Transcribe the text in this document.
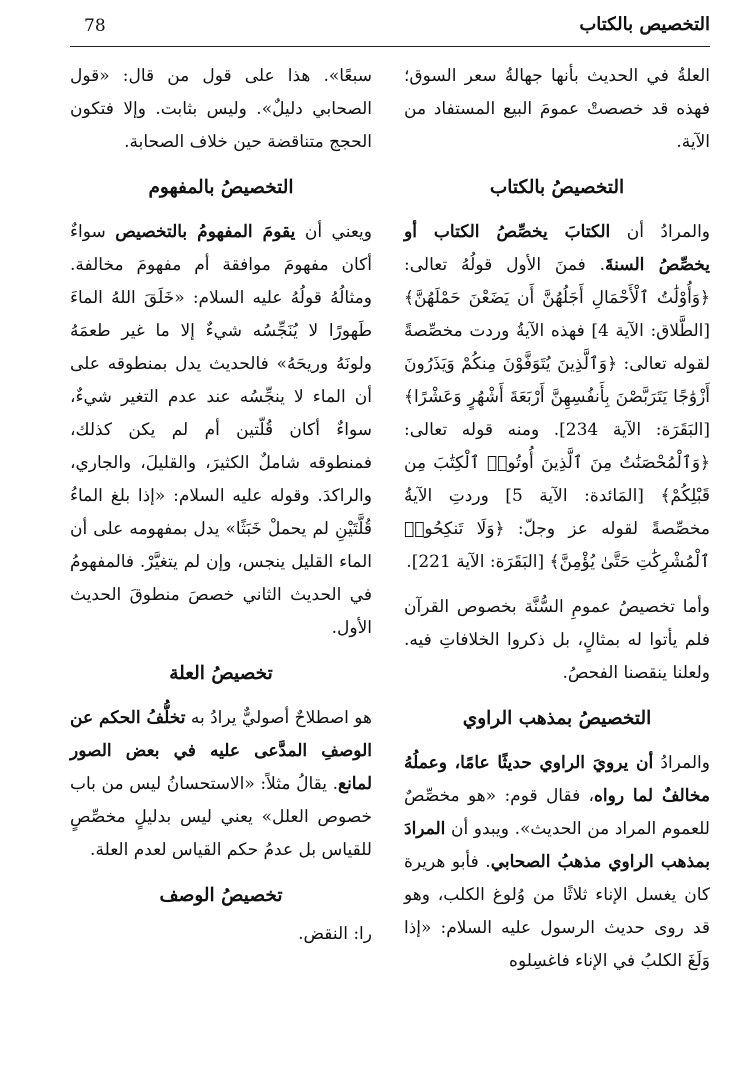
78	التخصيص بالكتاب

العلةُ في الحديث بأنها جهالةُ سعر السوق؛ فهذه قد خصصتْ عمومَ البيع المستفاد من الآية.

التخصيصُ بالكتاب

والمرادُ أن الكتابَ يخصِّصُ الكتاب أو يخصِّصُ السنةَ. فمنَ الأول قولُهُ تعالى: ﴿وَأُوْلَٰتُ ٱلْأَحْمَالِ أَجَلُهُنَّ أَن يَضَعْنَ حَمْلَهُنَّ﴾ [الطَّلاق: الآية 4] فهذه الآيةُ وردت مخصِّصةً لقوله تعالى: ﴿وَٱلَّذِينَ يُتَوَفَّوْنَ مِنكُمْ وَيَذَرُونَ أَزْوَٰجًا يَتَرَبَّصْنَ بِأَنفُسِهِنَّ أَرْبَعَةَ أَشْهُرٍ وَعَشْرًا﴾ [البَقَرَة: الآية 234]. ومنه قوله تعالى: ﴿وَٱلْمُحْصَنَٰتُ مِنَ ٱلَّذِينَ أُوتُوا۟ ٱلْكِتَٰبَ مِن قَبْلِكُمْ﴾ [المَائدة: الآية 5] وردتِ الآيةُ مخصِّصةً لقوله عز وجلّ: ﴿وَلَا تَنكِحُوا۟ ٱلْمُشْرِكَٰتِ حَتَّىٰ يُؤْمِنَّ﴾ [البَقَرَة: الآية 221].

وأما تخصيصُ عمومِ السُّنَّة بخصوص القرآن فلم يأتوا له بمثالٍ، بل ذكروا الخلافاتِ فيه. ولعلنا ينقصنا الفحصُ.

التخصيصُ بمذهب الراوي

والمرادُ أن يرويَ الراوي حديثًا عامًا، وعملُهُ مخالفٌ لما رواه، فقال قوم: «هو مخصِّصٌ للعموم المراد من الحديث». ويبدو أن المرادَ بمذهب الراوي مذهبُ الصحابي. فأبو هريرة كان يغسل الإناء ثلاثًا من وُلوغ الكلب، وهو قد روى حديث الرسول عليه السلام: «إذا وَلَغَ الكلبُ في الإناء فاغسِلوه

سبعًا». هذا على قول من قال: «قول الصحابي دليلٌ». وليس بثابت. وإلا فتكون الحجج متناقضة حين خلاف الصحابة.

التخصيصُ بالمفهوم

ويعني أن يقومَ المفهومُ بالتخصيص سواءٌ أكان مفهومَ موافقة أم مفهومَ مخالفة. ومثالُهُ قولُهُ عليه السلام: «خَلَقَ اللهُ الماءَ طَهورًا لا يُنَجِّسُه شيءٌ إلا ما غير طعمَهُ ولونَهُ وريحَهُ» فالحديث يدل بمنطوقه على أن الماء لا ينجِّسُه عند عدم التغير شيءٌ، سواءٌ أكان قُلّتين أم لم يكن كذلك، فمنطوقه شاملٌ الكثيرَ، والقليلَ، والجاري، والراكدَ. وقوله عليه السلام: «إذا بلغ الماءُ قُلَّتَيْنِ لم يحملْ خَبَثًا» يدل بمفهومه على أن الماء القليل ينجس، وإن لم يتغيَّرْ. فالمفهومُ في الحديث الثاني خصصَ منطوقَ الحديث الأول.

تخصيصُ العلة

هو اصطلاحٌ أصوليٌّ يرادُ به تخلُّفُ الحكم عن الوصفِ المدَّعى عليه في بعض الصور لمانع. يقالُ مثلاً: «الاستحسانُ ليس من باب خصوص العلل» يعني ليس بدليلٍ مخصِّصٍ للقياس بل عدمُ حكم القياس لعدم العلة.

تخصيصُ الوصف

را: النقض.
